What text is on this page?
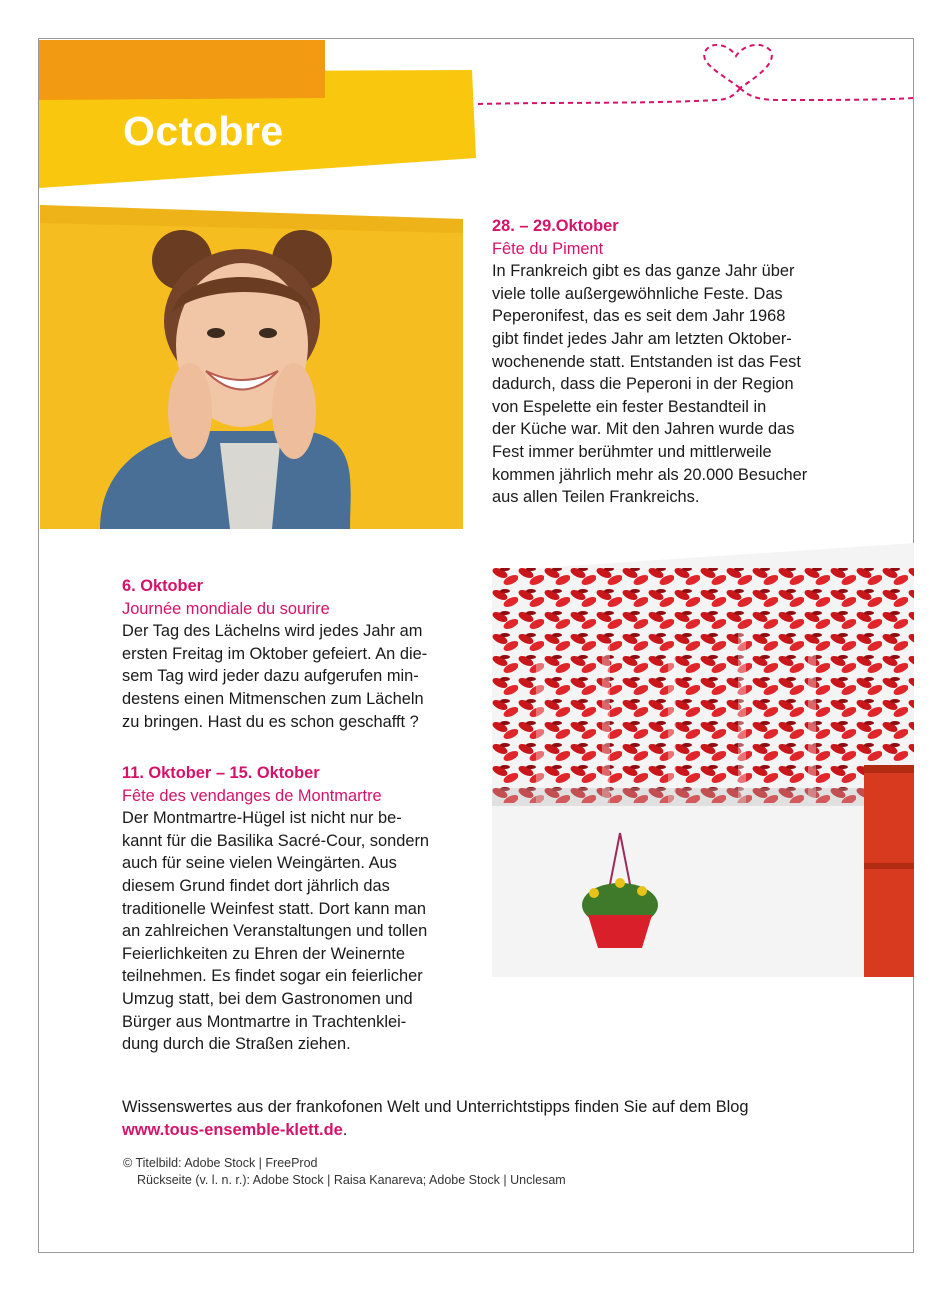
Octobre
28. – 29.Oktober
Fête du Piment
In Frankreich gibt es das ganze Jahr über
viele tolle außergewöhnliche Feste. Das
Peperonifest, das es seit dem Jahr 1968
gibt findet jedes Jahr am letzten Oktober-
wochenende statt. Entstanden ist das Fest
dadurch, dass die Peperoni in der Region
von Espelette ein fester Bestandteil in
der Küche war. Mit den Jahren wurde das
Fest immer berühmter und mittlerweile
kommen jährlich mehr als 20.000 Besucher
aus allen Teilen Frankreichs.
6. Oktober
Journée mondiale du sourire
Der Tag des Lächelns wird jedes Jahr am
ersten Freitag im Oktober gefeiert. An die-
sem Tag wird jeder dazu aufgerufen min-
destens einen Mitmenschen zum Lächeln
zu bringen. Hast du es schon geschafft ?
11. Oktober – 15. Oktober
Fête des vendanges de Montmartre
Der Montmartre-Hügel ist nicht nur be-
kannt für die Basilika Sacré-Cour, sondern
auch für seine vielen Weingärten. Aus
diesem Grund findet dort jährlich das
traditionelle Weinfest statt. Dort kann man
an zahlreichen Veranstaltungen und tollen
Feierlichkeiten zu Ehren der Weinernte
teilnehmen. Es findet sogar ein feierlicher
Umzug statt, bei dem Gastronomen und
Bürger aus Montmartre in Trachtenklei-
dung durch die Straßen ziehen.
Wissenswertes aus der frankofonen Welt und Unterrichtstipps finden Sie auf dem Blog
www.tous-ensemble-klett.de.
© Titelbild: Adobe Stock | FreeProd
Rückseite (v. l. n. r.): Adobe Stock | Raisa Kanareva; Adobe Stock | Unclesam
